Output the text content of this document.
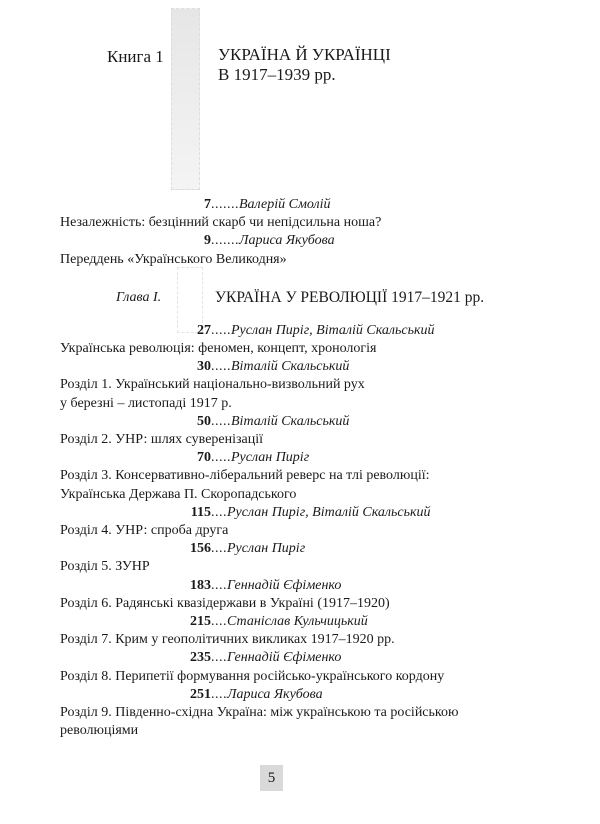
Книга 1	УКРАЇНА Й УКРАЇНЦІ
В 1917–1939 рр.
Глава I.	УКРАЇНА У РЕВОЛЮЦІЇ 1917–1921 рр.
7 ....... Валерій Смолій
Незалежність: безцінний скарб чи непідсильна ноша?
9 ....... Лариса Якубова
Переддень «Українського Великодня»
27 ..... Руслан Пиріг, Віталій Скальський
Українська революція: феномен, концепт, хронологія
30 ..... Віталій Скальський
Розділ 1. Український національно-визвольний рух
у березні – листопаді 1917 р.
50 ..... Віталій Скальський
Розділ 2. УНР: шлях суверенізації
70 ..... Руслан Пиріг
Розділ 3. Консервативно-ліберальний реверс на тлі революції:
Українська Держава П. Скоропадського
115 .... Руслан Пиріг, Віталій Скальський
Розділ 4. УНР: спроба друга
156 .... Руслан Пиріг
Розділ 5. ЗУНР
183 .... Геннадій Єфіменко
Розділ 6. Радянські квазідержави в Україні (1917–1920)
215 .... Станіслав Кульчицький
Розділ 7. Крим у геополітичних викликах 1917–1920 рр.
235 .... Геннадій Єфіменко
Розділ 8. Перипетії формування російсько-українського кордону
251 .... Лариса Якубова
Розділ 9. Південно-східна Україна: між українською та російською
революціями
5
